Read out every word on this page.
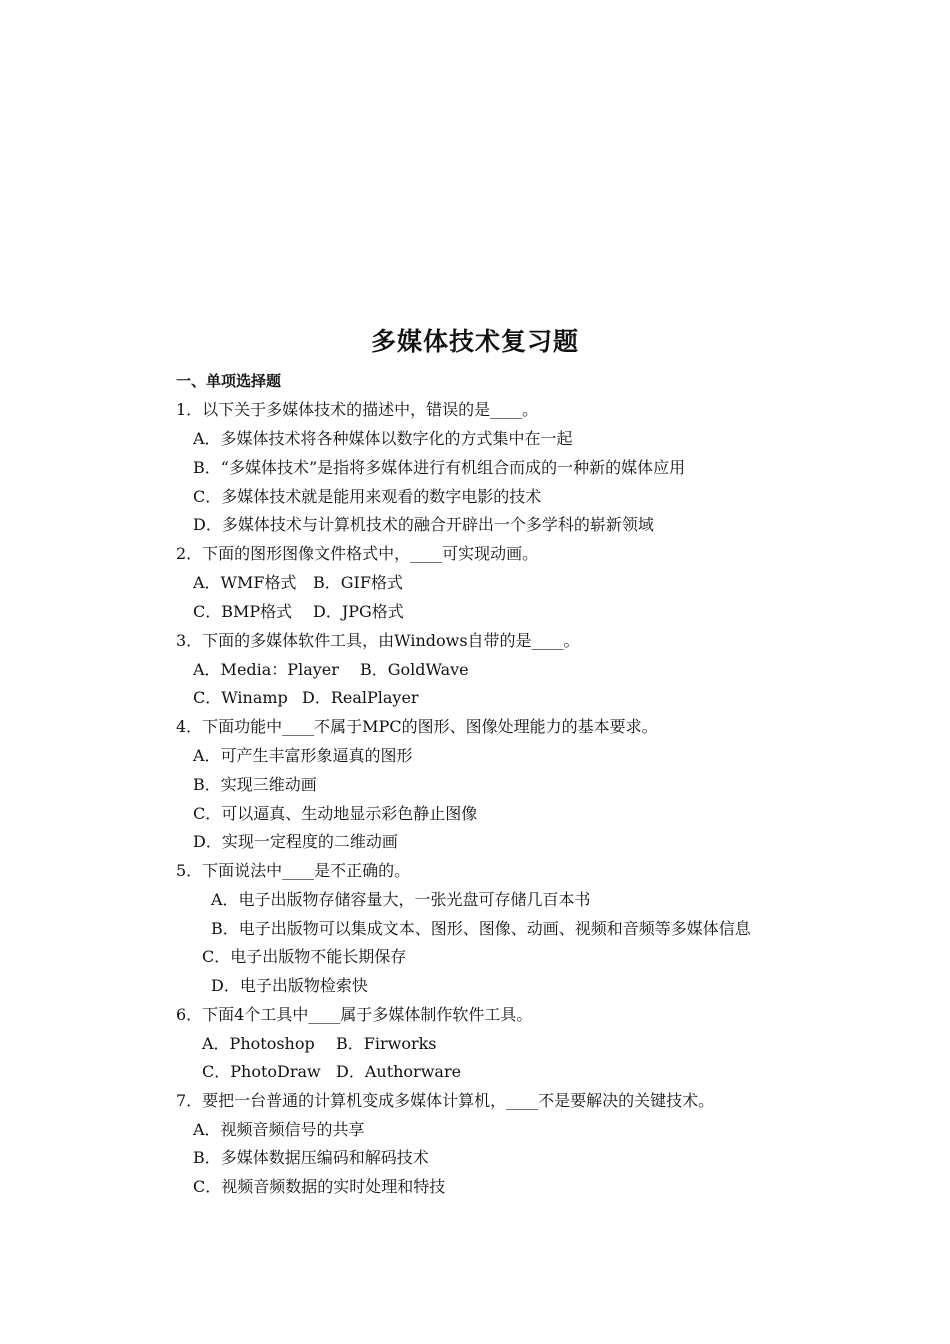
多媒体技术复习题
一、单项选择题
1．以下关于多媒体技术的描述中，错误的是____。
A．多媒体技术将各种媒体以数字化的方式集中在一起
B．“多媒体技术”是指将多媒体进行有机组合而成的一种新的媒体应用
C．多媒体技术就是能用来观看的数字电影的技术
D．多媒体技术与计算机技术的融合开辟出一个多学科的崭新领域
2．下面的图形图像文件格式中，____可实现动画。
A．WMF格式 B．GIF格式
C．BMP格式 D．JPG格式
3．下面的多媒体软件工具，由Windows自带的是____。
A．Media：Player B．GoldWave
C．Winamp D．RealPlayer
4．下面功能中____不属于MPC的图形、图像处理能力的基本要求。
A．可产生丰富形象逼真的图形
B．实现三维动画
C．可以逼真、生动地显示彩色静止图像
D．实现一定程度的二维动画
5．下面说法中____是不正确的。
A．电子出版物存储容量大，一张光盘可存储几百本书
B．电子出版物可以集成文本、图形、图像、动画、视频和音频等多媒体信息
C．电子出版物不能长期保存
D．电子出版物检索快
6．下面4个工具中____属于多媒体制作软件工具。
A．Photoshop B．Firworks
C．PhotoDraw D．Authorware
7．要把一台普通的计算机变成多媒体计算机，____不是要解决的关键技术。
A．视频音频信号的共享
B．多媒体数据压编码和解码技术
C．视频音频数据的实时处理和特技
